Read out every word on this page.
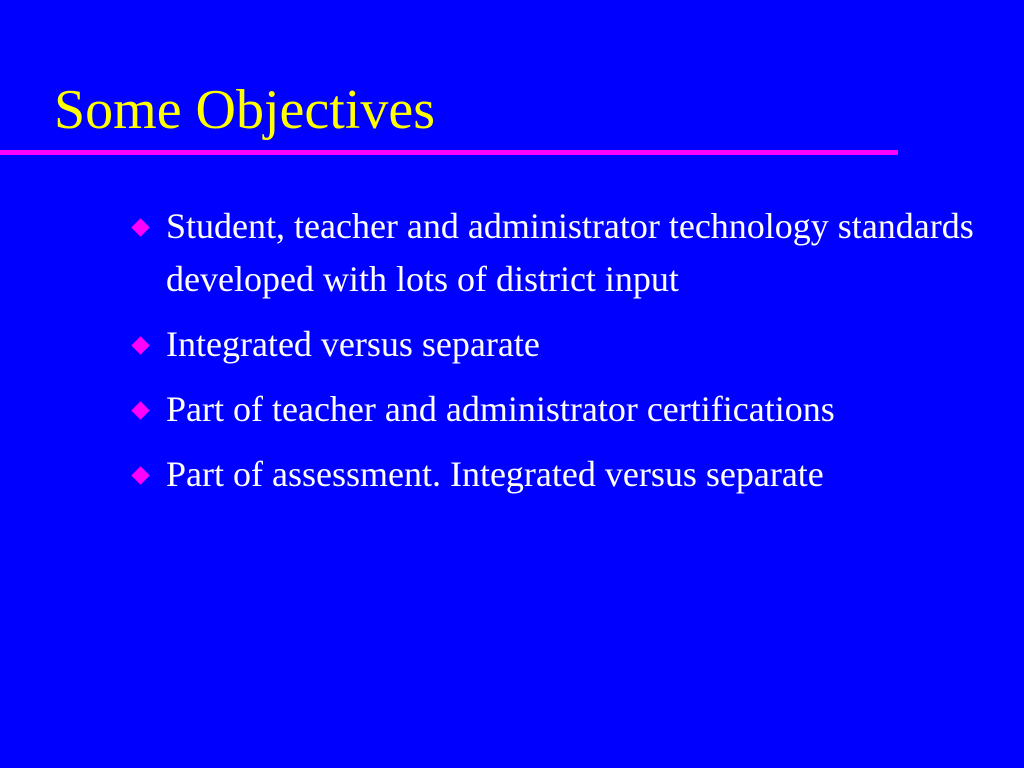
Some Objectives
Student, teacher and administrator technology standards developed with lots of district input
Integrated versus separate
Part of teacher and administrator certifications
Part of assessment. Integrated versus separate
